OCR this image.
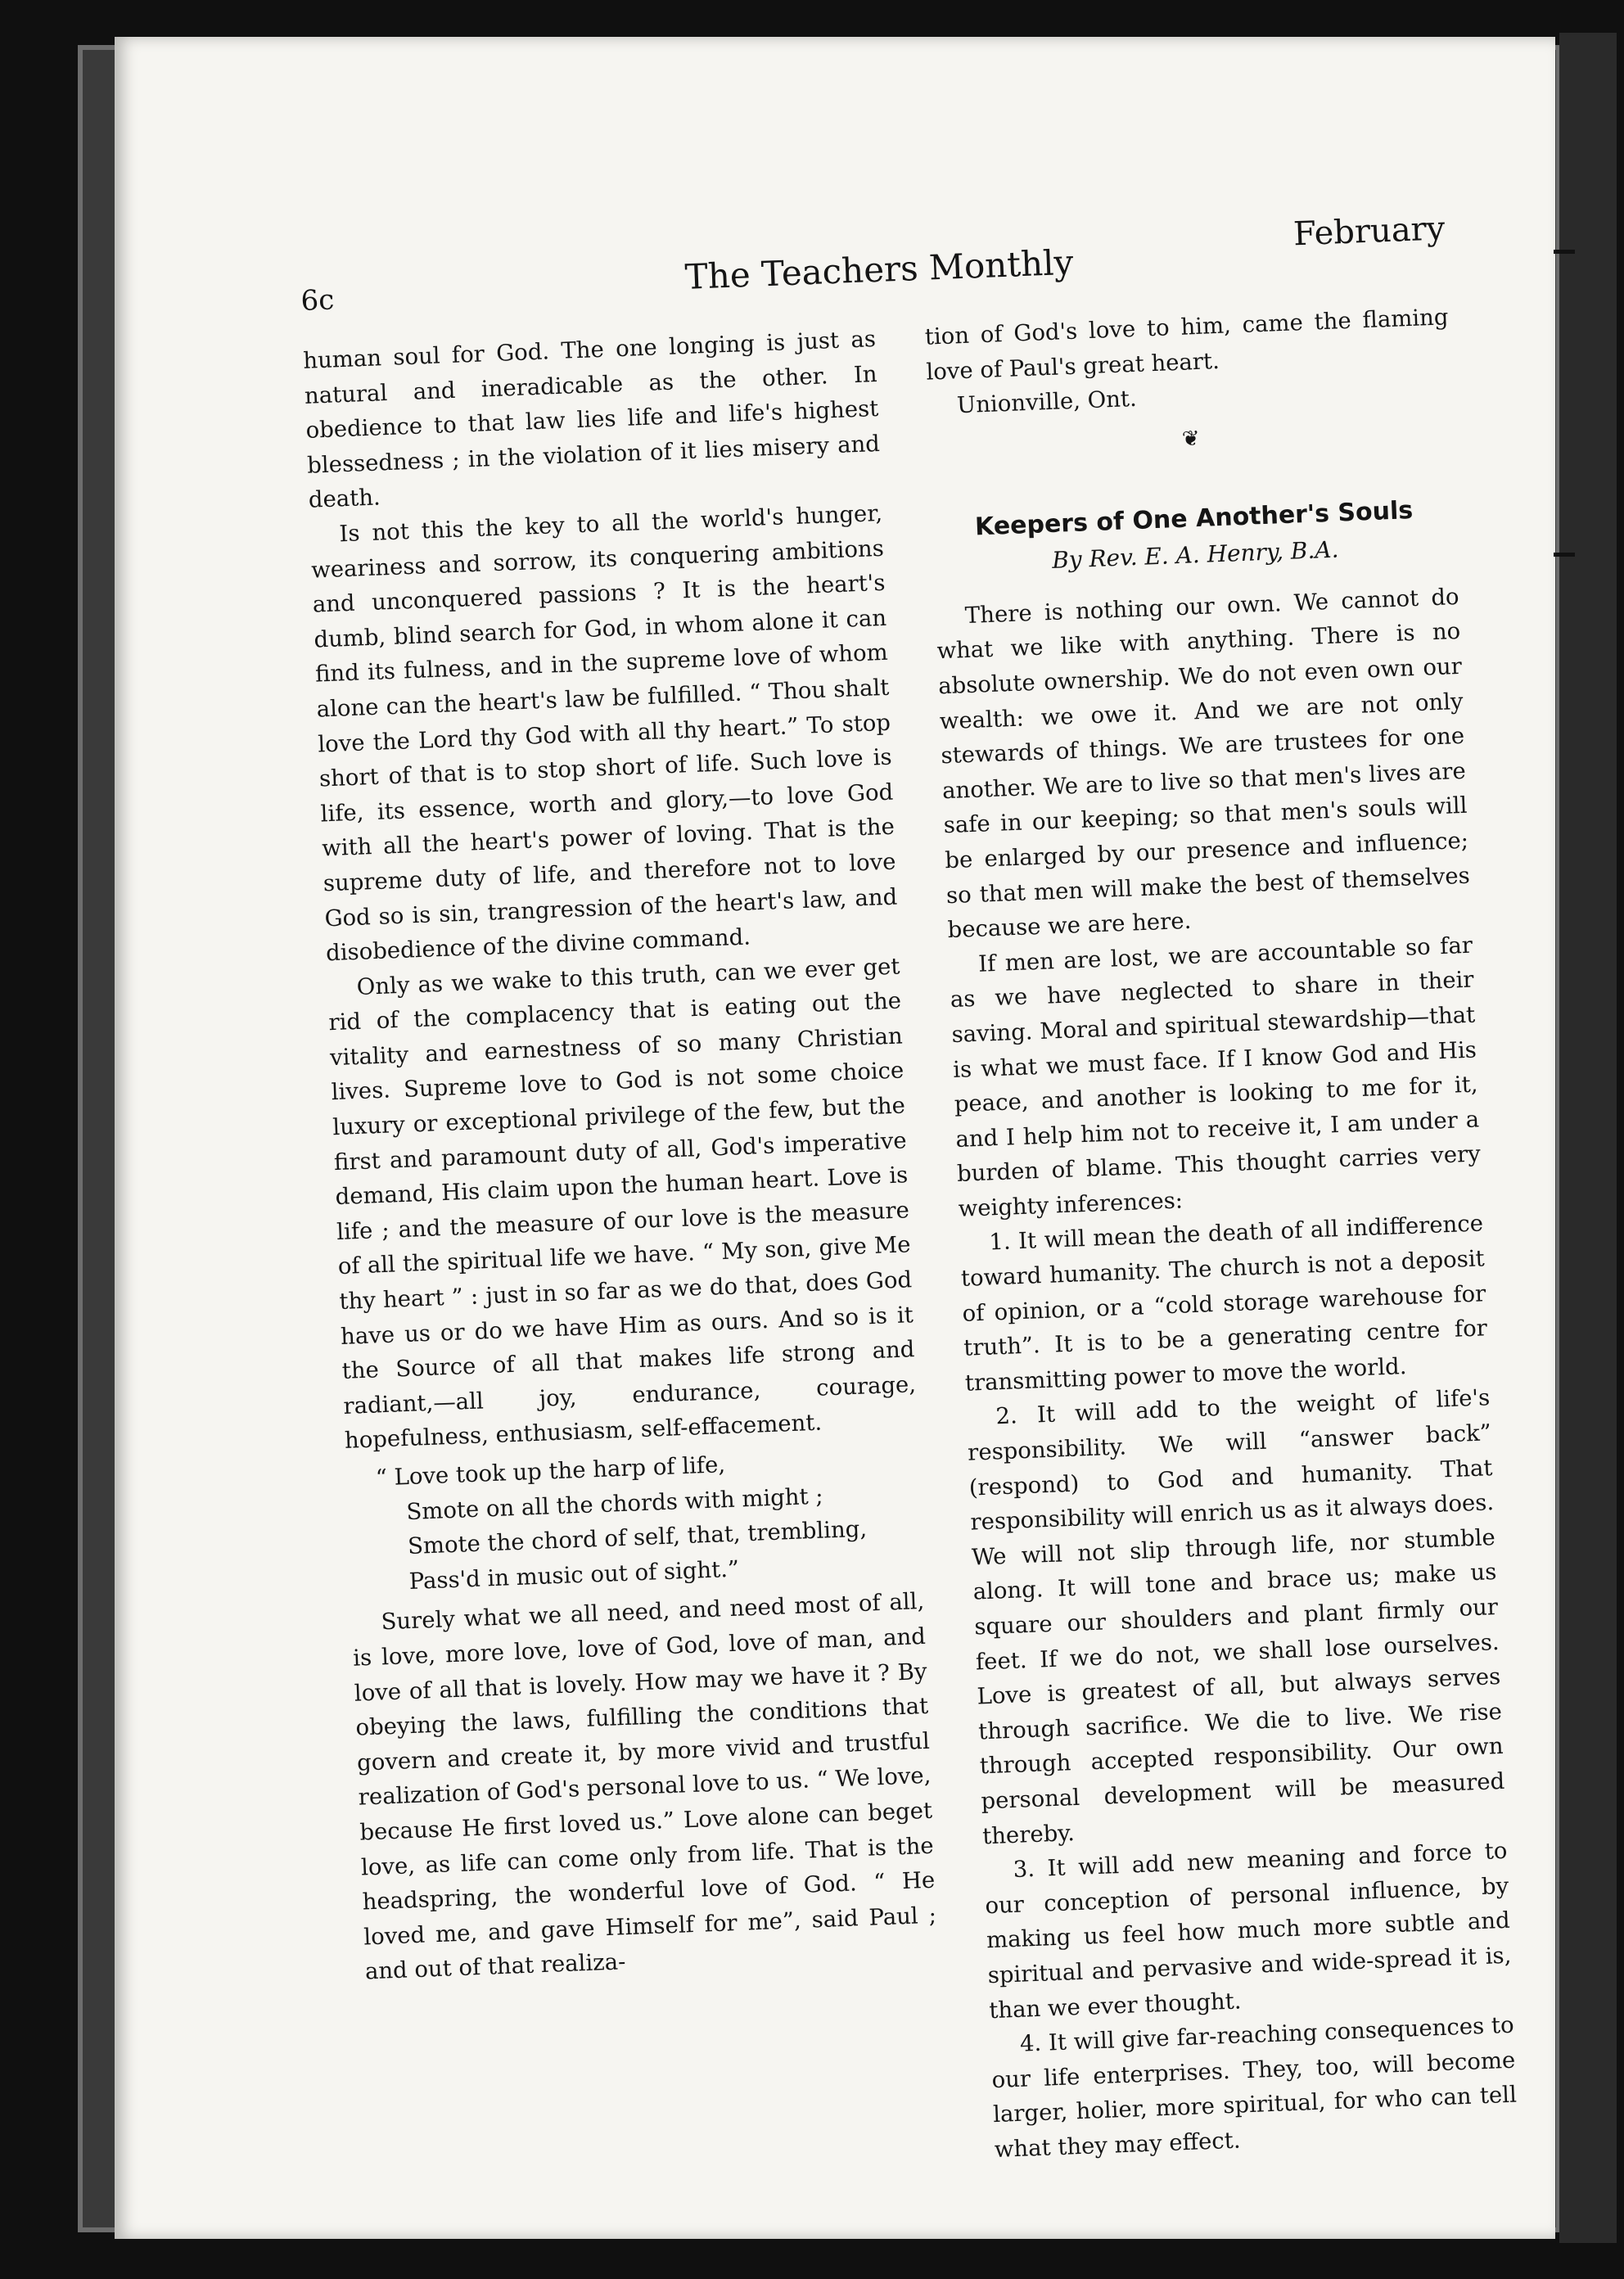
6c
The Teachers Monthly
February

human soul for God. The one longing is just as natural and ineradicable as the other. In obedience to that law lies life and life's highest blessedness ; in the violation of it lies misery and death.

Is not this the key to all the world's hunger, weariness and sorrow, its conquering ambitions and unconquered passions ? It is the heart's dumb, blind search for God, in whom alone it can find its fulness, and in the supreme love of whom alone can the heart's law be fulfilled. “ Thou shalt love the Lord thy God with all thy heart.” To stop short of that is to stop short of life. Such love is life, its essence, worth and glory,—to love God with all the heart's power of loving. That is the supreme duty of life, and therefore not to love God so is sin, trangression of the heart's law, and disobedience of the divine command.

Only as we wake to this truth, can we ever get rid of the complacency that is eating out the vitality and earnestness of so many Christian lives. Supreme love to God is not some choice luxury or exceptional privilege of the few, but the first and paramount duty of all, God's imperative demand, His claim upon the human heart. Love is life ; and the measure of our love is the measure of all the spiritual life we have. “ My son, give Me thy heart ” : just in so far as we do that, does God have us or do we have Him as ours. And so is it the Source of all that makes life strong and radiant,—all joy, endurance, courage, hopefulness, enthusiasm, self-effacement.

“ Love took up the harp of life,
Smote on all the chords with might ;
Smote the chord of self, that, trembling,
Pass'd in music out of sight.”

Surely what we all need, and need most of all, is love, more love, love of God, love of man, and love of all that is lovely. How may we have it ? By obeying the laws, fulfilling the conditions that govern and create it, by more vivid and trustful realization of God's personal love to us. “ We love, because He first loved us.” Love alone can beget love, as life can come only from life. That is the headspring, the wonderful love of God. “ He loved me, and gave Himself for me”, said Paul ; and out of that realiza-

tion of God's love to him, came the flaming love of Paul's great heart.

Unionville, Ont.

❦
Keepers of One Another's Souls
By Rev. E. A. Henry, B.A.

There is nothing our own. We cannot do what we like with anything. There is no absolute ownership. We do not even own our wealth: we owe it. And we are not only stewards of things. We are trustees for one another. We are to live so that men's lives are safe in our keeping; so that men's souls will be enlarged by our presence and influence; so that men will make the best of themselves because we are here.

If men are lost, we are accountable so far as we have neglected to share in their saving. Moral and spiritual stewardship—that is what we must face. If I know God and His peace, and another is looking to me for it, and I help him not to receive it, I am under a burden of blame. This thought carries very weighty inferences:

1. It will mean the death of all indifference toward humanity. The church is not a deposit of opinion, or a “cold storage warehouse for truth”. It is to be a generating centre for transmitting power to move the world.

2. It will add to the weight of life's responsibility. We will “answer back” (respond) to God and humanity. That responsibility will enrich us as it always does. We will not slip through life, nor stumble along. It will tone and brace us; make us square our shoulders and plant firmly our feet. If we do not, we shall lose ourselves. Love is greatest of all, but always serves through sacrifice. We die to live. We rise through accepted responsibility. Our own personal development will be measured thereby.

3. It will add new meaning and force to our conception of personal influence, by making us feel how much more subtle and spiritual and pervasive and wide-spread it is, than we ever thought.

4. It will give far-reaching consequences to our life enterprises. They, too, will become larger, holier, more spiritual, for who can tell what they may effect.
